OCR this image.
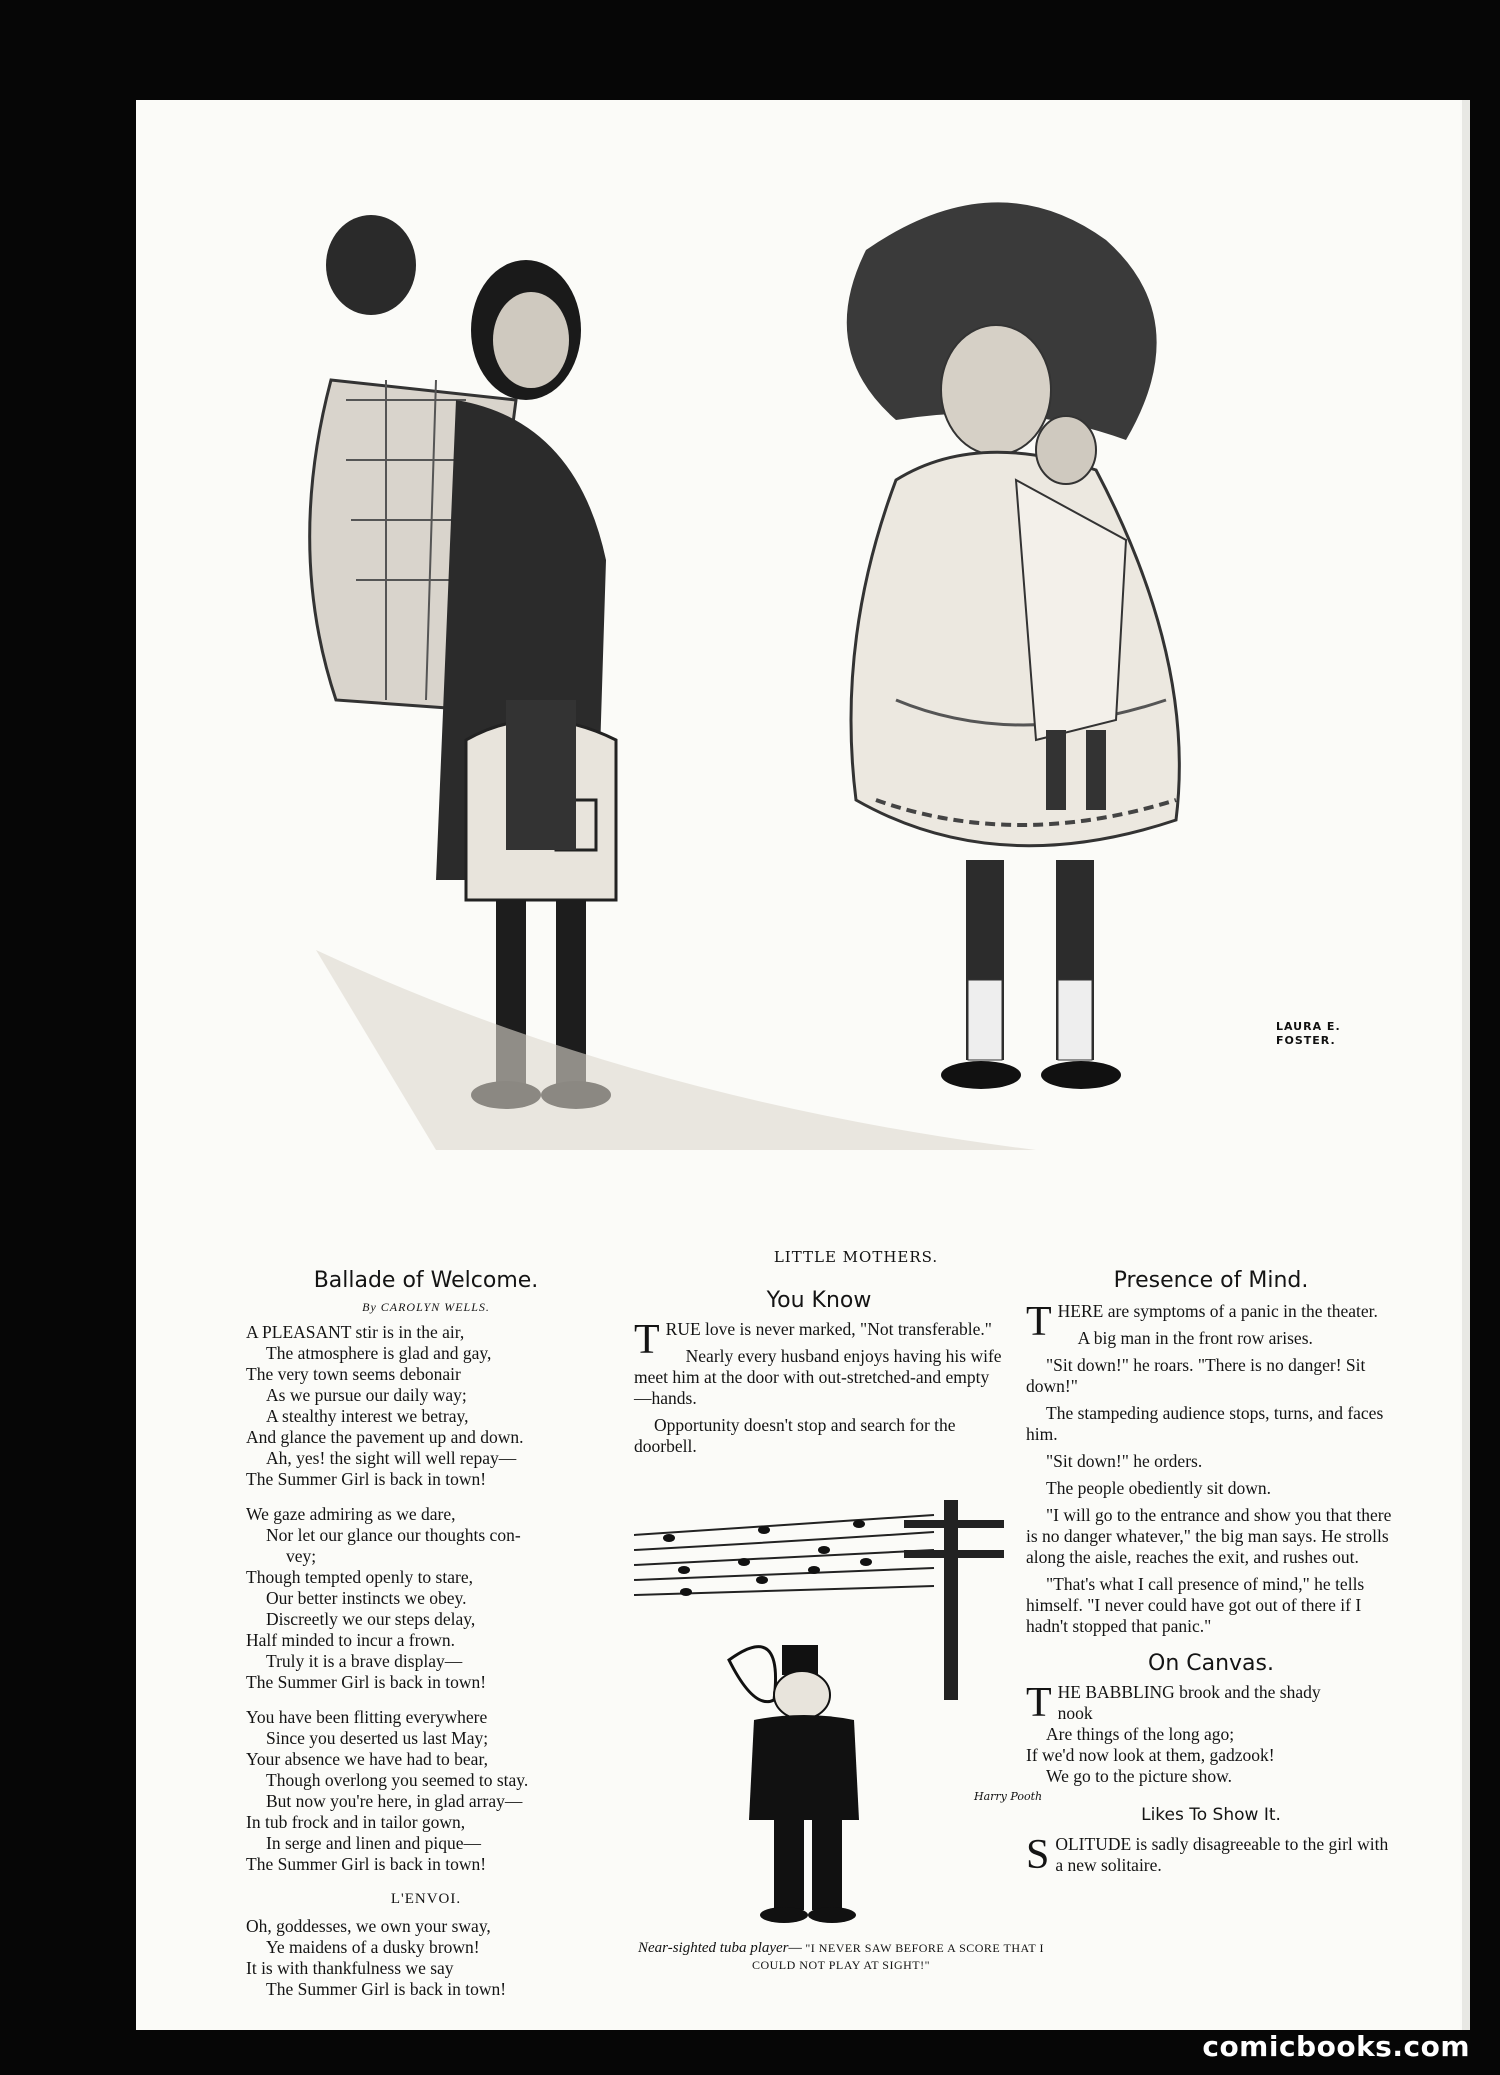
LAURA E. FOSTER.
LITTLE MOTHERS.
Ballade of Welcome.
By CAROLYN WELLS.
A PLEASANT stir is in the air,
The atmosphere is glad and gay,
The very town seems debonair
As we pursue our daily way;
A stealthy interest we betray,
And glance the pavement up and down.
Ah, yes! the sight will well repay—
The Summer Girl is back in town!
We gaze admiring as we dare,
Nor let our glance our thoughts con-
vey;
Though tempted openly to stare,
Our better instincts we obey.
Discreetly we our steps delay,
Half minded to incur a frown.
Truly it is a brave display—
The Summer Girl is back in town!
You have been flitting everywhere
Since you deserted us last May;
Your absence we have had to bear,
Though overlong you seemed to stay.
But now you're here, in glad array—
In tub frock and in tailor gown,
In serge and linen and pique—
The Summer Girl is back in town!
L'ENVOI.
Oh, goddesses, we own your sway,
Ye maidens of a dusky brown!
It is with thankfulness we say
The Summer Girl is back in town!
You Know

TRUE love is never marked, "Not transferable."

Nearly every husband enjoys having his wife meet him at the door with out-stretched-and empty—hands.

Opportunity doesn't stop and search for the doorbell.

Harry Pooth
Near-sighted tuba player— "I NEVER SAW BEFORE A SCORE THAT I COULD NOT PLAY AT SIGHT!"
Presence of Mind.

THERE are symptoms of a panic in the theater.

A big man in the front row arises.

"Sit down!" he roars. "There is no danger! Sit down!"

The stampeding audience stops, turns, and faces him.

"Sit down!" he orders.

The people obediently sit down.

"I will go to the entrance and show you that there is no danger whatever," the big man says. He strolls along the aisle, reaches the exit, and rushes out.

"That's what I call presence of mind," he tells himself. "I never could have got out of there if I hadn't stopped that panic."

On Canvas.
T HE BABBLING brook and the shady
nook
Are things of the long ago;
If we'd now look at them, gadzook!
We go to the picture show.
Likes To Show It.

SOLITUDE is sadly disagreeable to the girl with a new solitaire.

comicbooks.com
